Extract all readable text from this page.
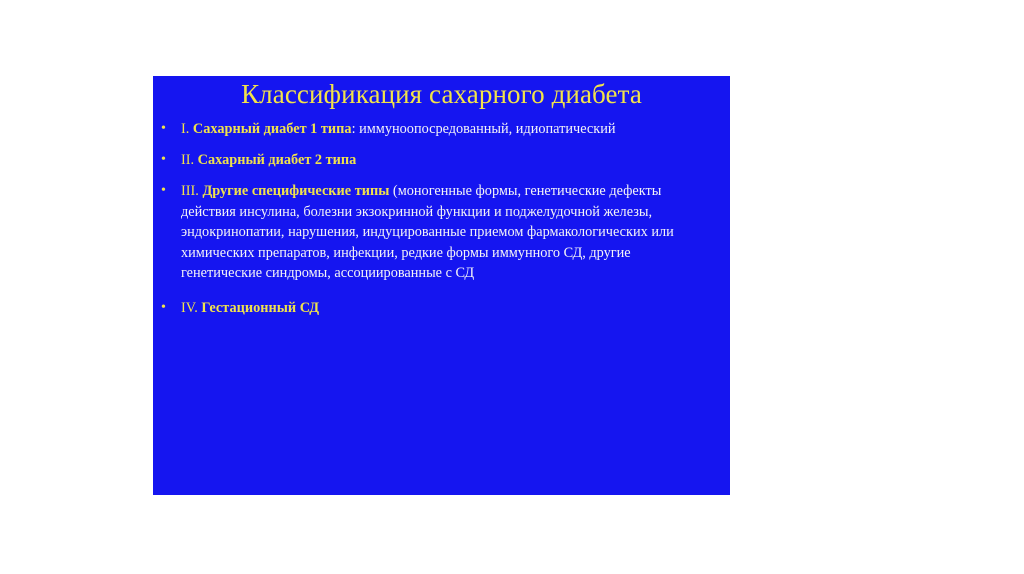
Классификация сахарного диабета
• I. Сахарный диабет 1 типа: иммуноопосредованный, идиопатический
• II. Сахарный диабет 2 типа
• III. Другие специфические типы (моногенные формы, генетические дефекты действия инсулина, болезни экзокринной функции и поджелудочной железы, эндокринопатии, нарушения, индуцированные приемом фармакологических или химических препаратов, инфекции, редкие формы иммунного СД, другие генетические синдромы, ассоциированные с СД
• IV. Гестационный СД
